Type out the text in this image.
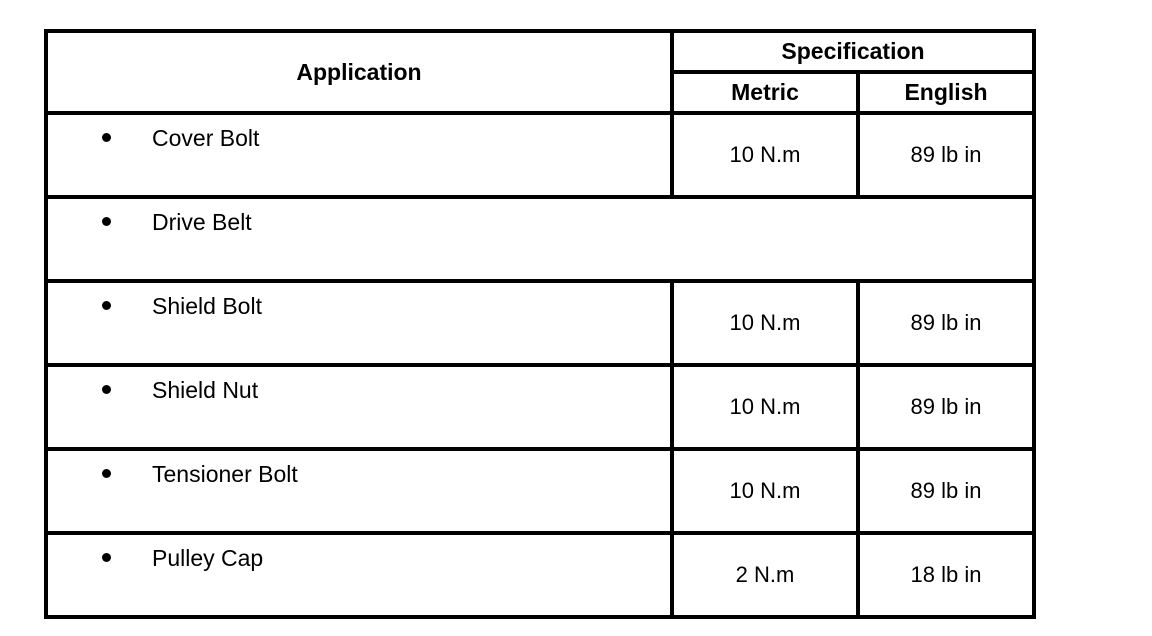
Application	Specification	
	Metric	English

Cover Bolt	10 N.m	89 lb in

Drive Belt		

Shield Bolt	10 N.m	89 lb in

Shield Nut	10 N.m	89 lb in

Tensioner Bolt	10 N.m	89 lb in

Pulley Cap	2 N.m	18 lb in
